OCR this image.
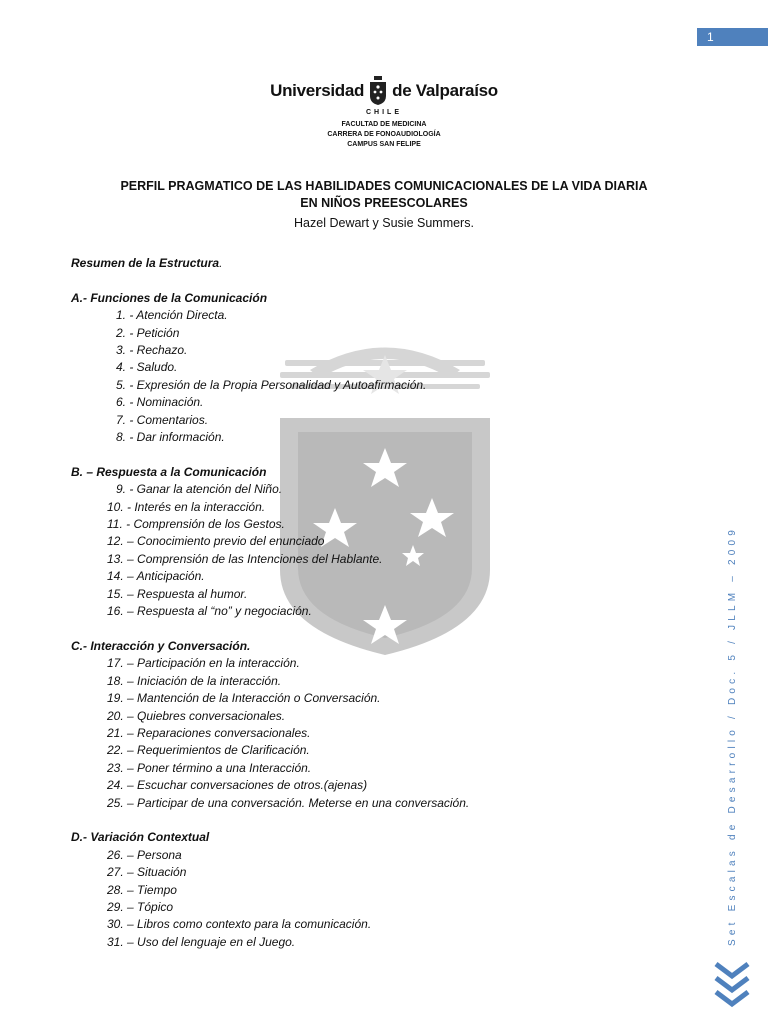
1
Universidad de Valparaíso
CHILE
FACULTAD DE MEDICINA
CARRERA DE FONOAUDIOLOGÍA
CAMPUS SAN FELIPE
PERFIL PRAGMATICO DE LAS HABILIDADES COMUNICACIONALES DE LA VIDA DIARIA
EN NIÑOS PREESCOLARES
Hazel Dewart y Susie Summers.

Resumen de la Estructura.

A.- Funciones de la Comunicación

1. - Atención Directa.

2. - Petición

3. - Rechazo.

4. - Saludo.

5. - Expresión de la Propia Personalidad y Autoafirmación.

6. - Nominación.

7. - Comentarios.

8. - Dar información.

B. – Respuesta a la Comunicación

9. - Ganar la atención del Niño.

10. - Interés en la interacción.

11. - Comprensión de los Gestos.

12. – Conocimiento previo del enunciado

13. – Comprensión de las Intenciones del Hablante.

14. – Anticipación.

15. – Respuesta al humor.

16. – Respuesta al “no” y negociación.

C.- Interacción y Conversación.

17. – Participación en la interacción.

18. – Iniciación de la interacción.

19. – Mantención de la Interacción o Conversación.

20. – Quiebres conversacionales.

21. – Reparaciones conversacionales.

22. – Requerimientos de Clarificación.

23. – Poner término a una Interacción.

24. – Escuchar conversaciones de otros.(ajenas)

25. – Participar de una conversación. Meterse en una conversación.

D.- Variación Contextual

26. – Persona

27. – Situación

28. – Tiempo

29. – Tópico

30. – Libros como contexto para la comunicación.

31. – Uso del lenguaje en el Juego.	Set Escalas de Desarrollo / Doc. 5 / JLLM – 2009
